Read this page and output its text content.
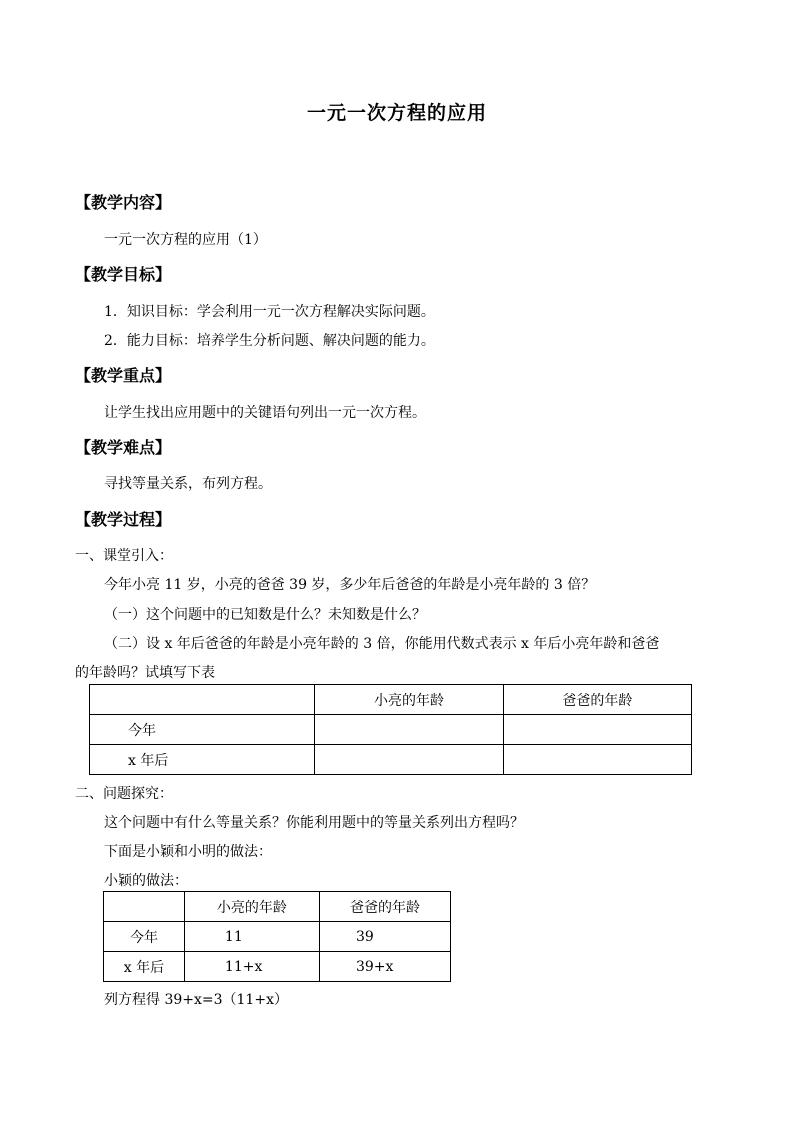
一元一次方程的应用
【教学内容】
一元一次方程的应用（1）
【教学目标】
1．知识目标：学会利用一元一次方程解决实际问题。
2．能力目标：培养学生分析问题、解决问题的能力。
【教学重点】
让学生找出应用题中的关键语句列出一元一次方程。
【教学难点】
寻找等量关系，布列方程。
【教学过程】
一、课堂引入：
今年小亮 11 岁，小亮的爸爸 39 岁，多少年后爸爸的年龄是小亮年龄的 3 倍？
（一）这个问题中的已知数是什么？未知数是什么？
（二）设 x 年后爸爸的年龄是小亮年龄的 3 倍，你能用代数式表示 x 年后小亮年龄和爸爸
的年龄吗？试填写下表
	小亮的年龄	爸爸的年龄
今年		
x 年后		
二、问题探究：
这个问题中有什么等量关系？你能利用题中的等量关系列出方程吗？
下面是小颖和小明的做法：
小颖的做法：
	小亮的年龄	爸爸的年龄
今年	11	39
x 年后	11+x	39+x
列方程得 39+x=3（11+x）
